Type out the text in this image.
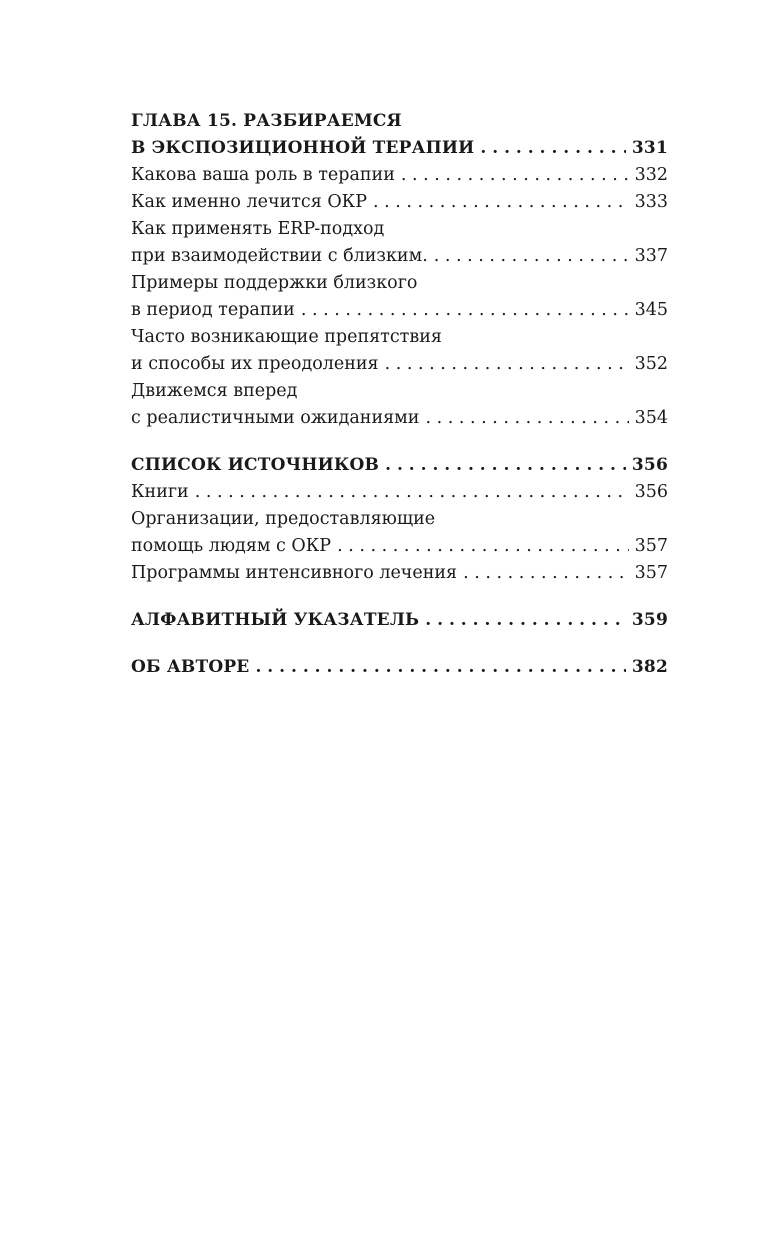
ГЛАВА 15. РАЗБИРАЕМСЯ
В ЭКСПОЗИЦИОННОЙ ТЕРАПИИ . . .	331
Какова ваша роль в терапии . . .	332
Как именно лечится ОКР . . .	333
Как применять ERP-подход
при взаимодействии с близким. . . .	337
Примеры поддержки близкого
в период терапии . . .	345
Часто возникающие препятствия
и способы их преодоления . . .	352
Движемся вперед
с реалистичными ожиданиями . . .	354
СПИСОК ИСТОЧНИКОВ . . .	356
Книги . . .	356
Организации, предоставляющие
помощь людям с ОКР . . .	357
Программы интенсивного лечения . . .	357
АЛФАВИТНЫЙ УКАЗАТЕЛЬ . . .	359
ОБ АВТОРЕ . . .	382
